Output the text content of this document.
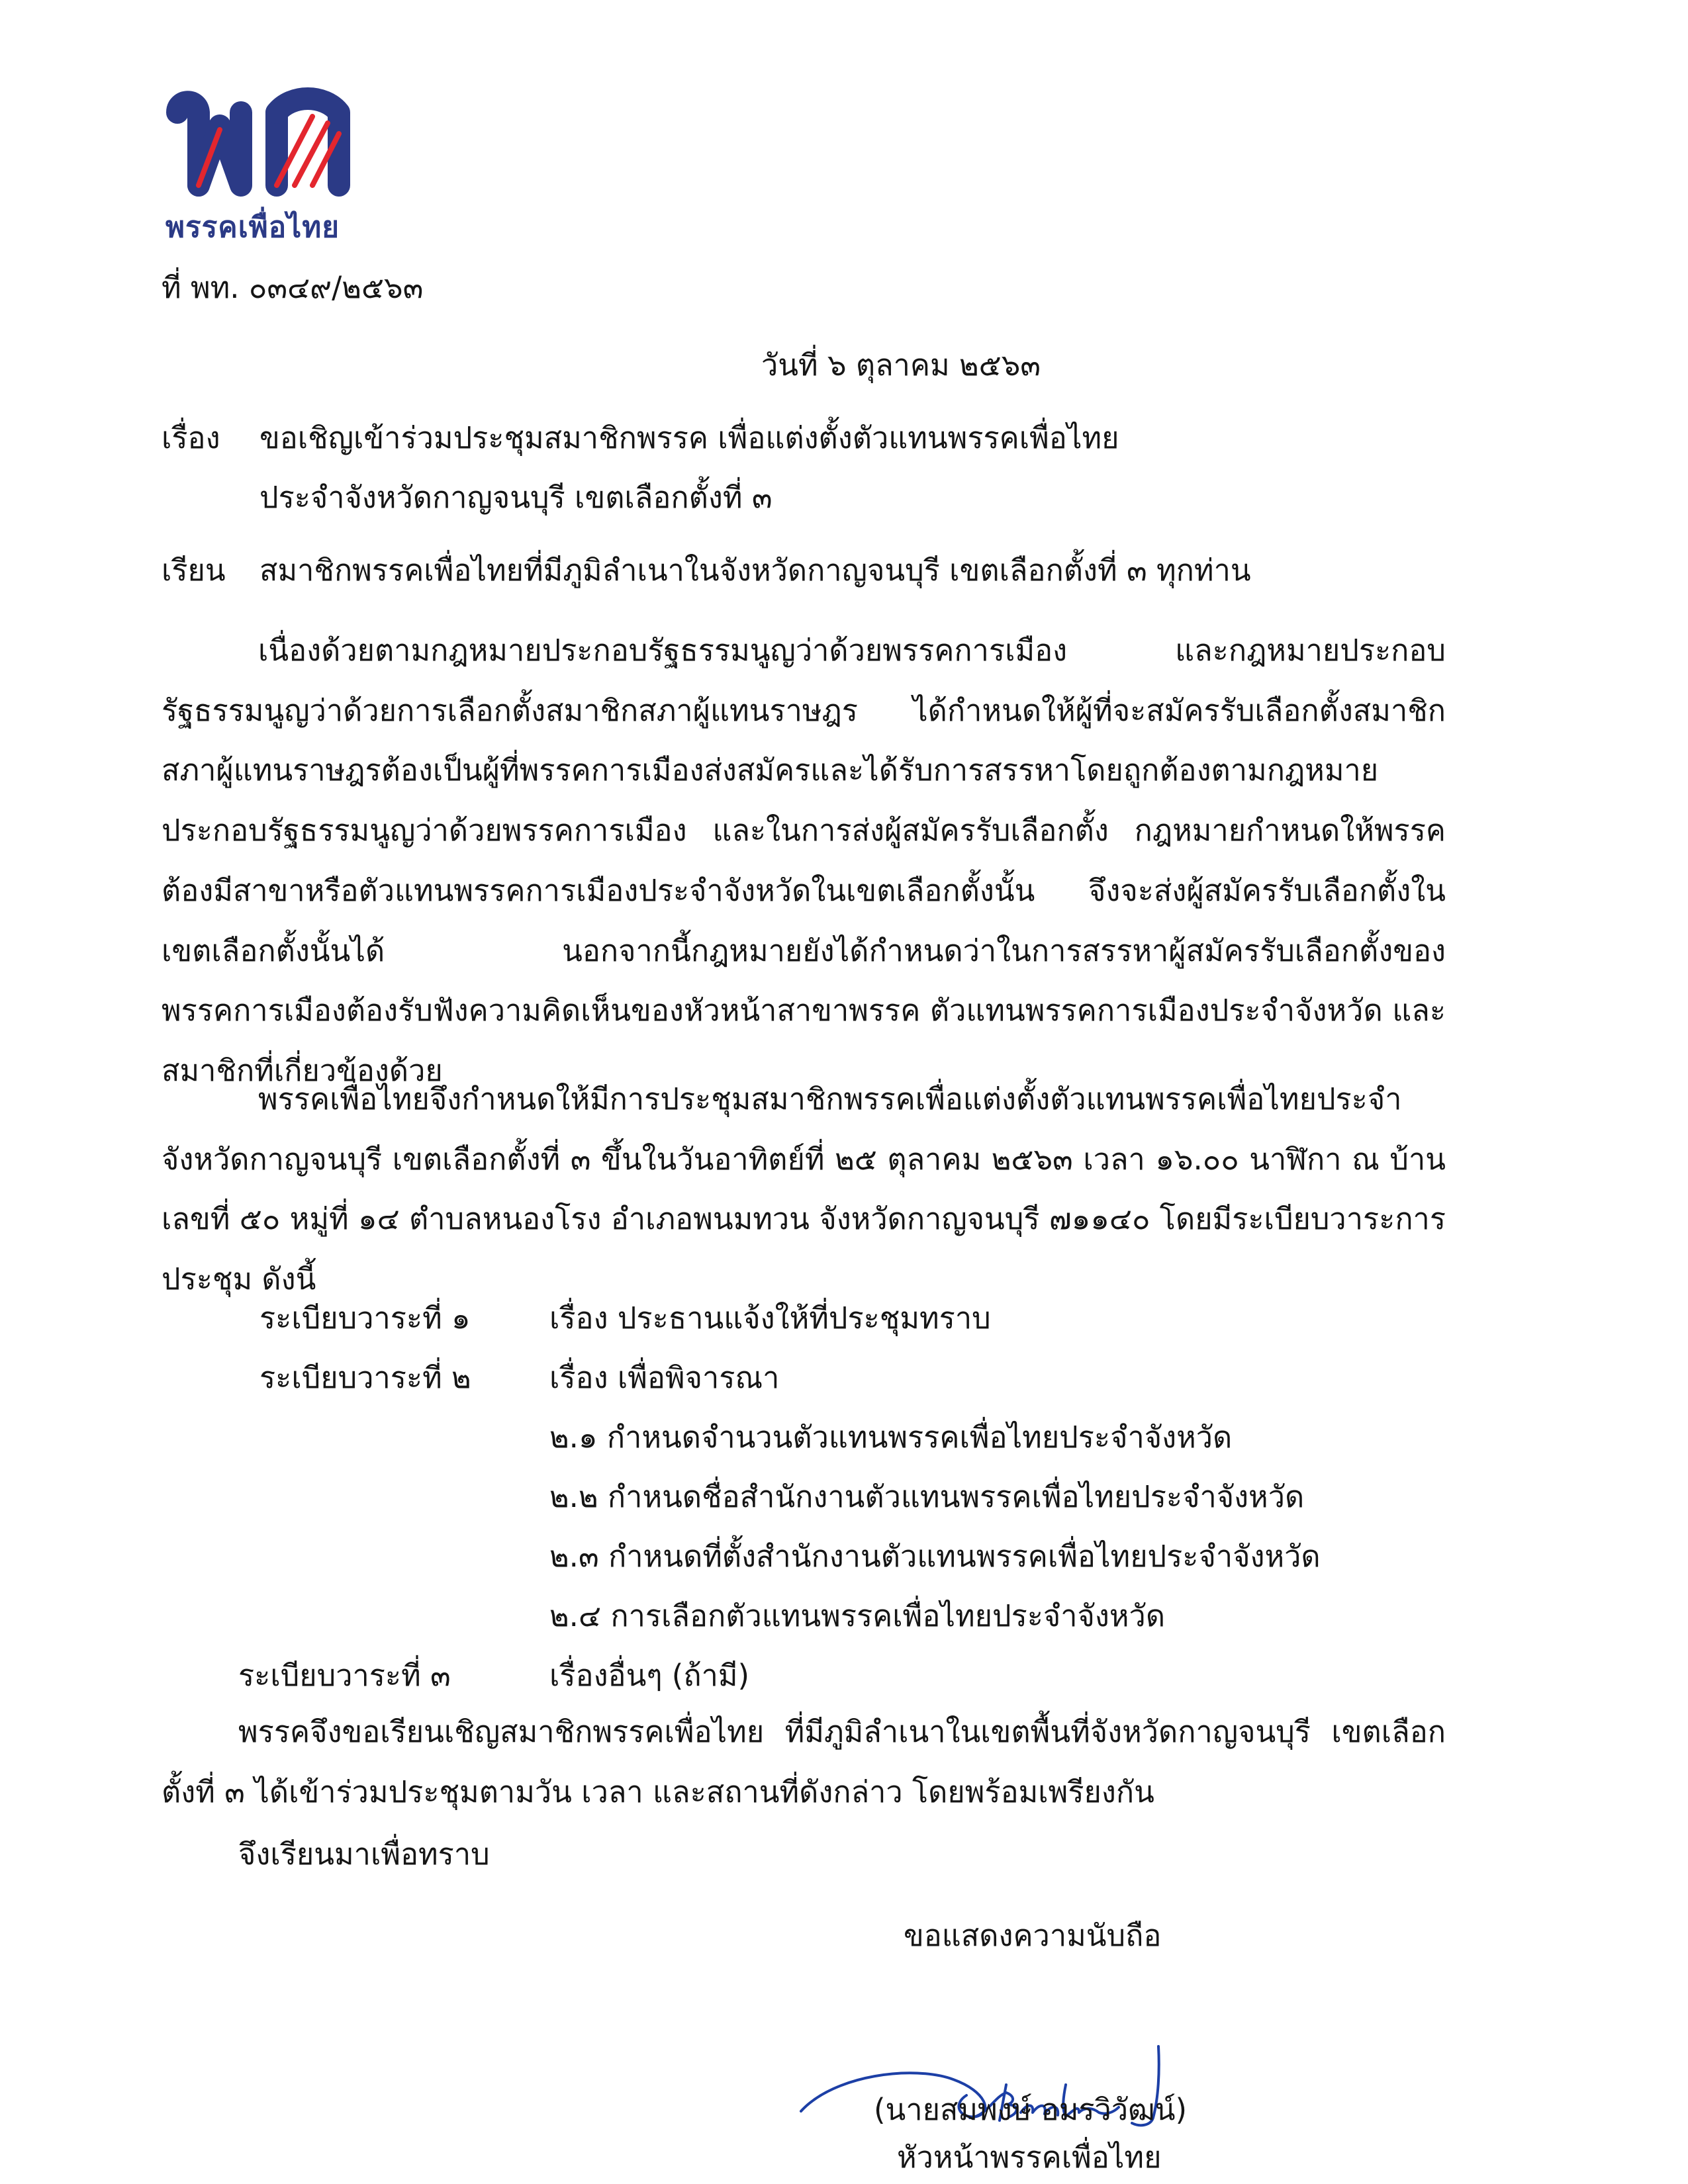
พรรคเพื่อไทย
ที่ พท. ๐๓๔๙/๒๕๖๓
วันที่ ๖ ตุลาคม ๒๕๖๓
เรื่อง ขอเชิญเข้าร่วมประชุมสมาชิกพรรค เพื่อแต่งตั้งตัวแทนพรรคเพื่อไทย
ประจำจังหวัดกาญจนบุรี เขตเลือกตั้งที่ ๓
เรียน สมาชิกพรรคเพื่อไทยที่มีภูมิลำเนาในจังหวัดกาญจนบุรี เขตเลือกตั้งที่ ๓ ทุกท่าน
เนื่องด้วยตามกฎหมายประกอบรัฐธรรมนูญว่าด้วยพรรคการเมือง และกฎหมายประกอบรัฐธรรมนูญว่าด้วยการเลือกตั้งสมาชิกสภาผู้แทนราษฎร ได้กำหนดให้ผู้ที่จะสมัครรับเลือกตั้งสมาชิกสภาผู้แทนราษฎรต้องเป็นผู้ที่พรรคการเมืองส่งสมัครและได้รับการสรรหาโดยถูกต้องตามกฎหมายประกอบรัฐธรรมนูญว่าด้วยพรรคการเมือง และในการส่งผู้สมัครรับเลือกตั้ง กฎหมายกำหนดให้พรรคต้องมีสาขาหรือตัวแทนพรรคการเมืองประจำจังหวัดในเขตเลือกตั้งนั้น จึงจะส่งผู้สมัครรับเลือกตั้งในเขตเลือกตั้งนั้นได้ นอกจากนี้กฎหมายยังได้กำหนดว่าในการสรรหาผู้สมัครรับเลือกตั้งของพรรคการเมืองต้องรับฟังความคิดเห็นของหัวหน้าสาขาพรรค ตัวแทนพรรคการเมืองประจำจังหวัด และสมาชิกที่เกี่ยวข้องด้วย
พรรคเพื่อไทยจึงกำหนดให้มีการประชุมสมาชิกพรรคเพื่อแต่งตั้งตัวแทนพรรคเพื่อไทยประจำจังหวัดกาญจนบุรี เขตเลือกตั้งที่ ๓ ขึ้นในวันอาทิตย์ที่ ๒๕ ตุลาคม ๒๕๖๓ เวลา ๑๖.๐๐ นาฬิกา ณ บ้านเลขที่ ๕๐ หมู่ที่ ๑๔ ตำบลหนองโรง อำเภอพนมทวน จังหวัดกาญจนบุรี ๗๑๑๔๐ โดยมีระเบียบวาระการประชุม ดังนี้
ระเบียบวาระที่ ๑	เรื่อง ประธานแจ้งให้ที่ประชุมทราบ
ระเบียบวาระที่ ๒	เรื่อง เพื่อพิจารณา
๒.๑ กำหนดจำนวนตัวแทนพรรคเพื่อไทยประจำจังหวัด
๒.๒ กำหนดชื่อสำนักงานตัวแทนพรรคเพื่อไทยประจำจังหวัด
๒.๓ กำหนดที่ตั้งสำนักงานตัวแทนพรรคเพื่อไทยประจำจังหวัด
๒.๔ การเลือกตัวแทนพรรคเพื่อไทยประจำจังหวัด
ระเบียบวาระที่ ๓	เรื่องอื่นๆ (ถ้ามี)
พรรคจึงขอเรียนเชิญสมาชิกพรรคเพื่อไทย ที่มีภูมิลำเนาในเขตพื้นที่จังหวัดกาญจนบุรี เขตเลือกตั้งที่ ๓ ได้เข้าร่วมประชุมตามวัน เวลา และสถานที่ดังกล่าว โดยพร้อมเพรียงกัน
จึงเรียนมาเพื่อทราบ
ขอแสดงความนับถือ
(นายสมพงษ์ อมรวิวัฒน์)
หัวหน้าพรรคเพื่อไทย
